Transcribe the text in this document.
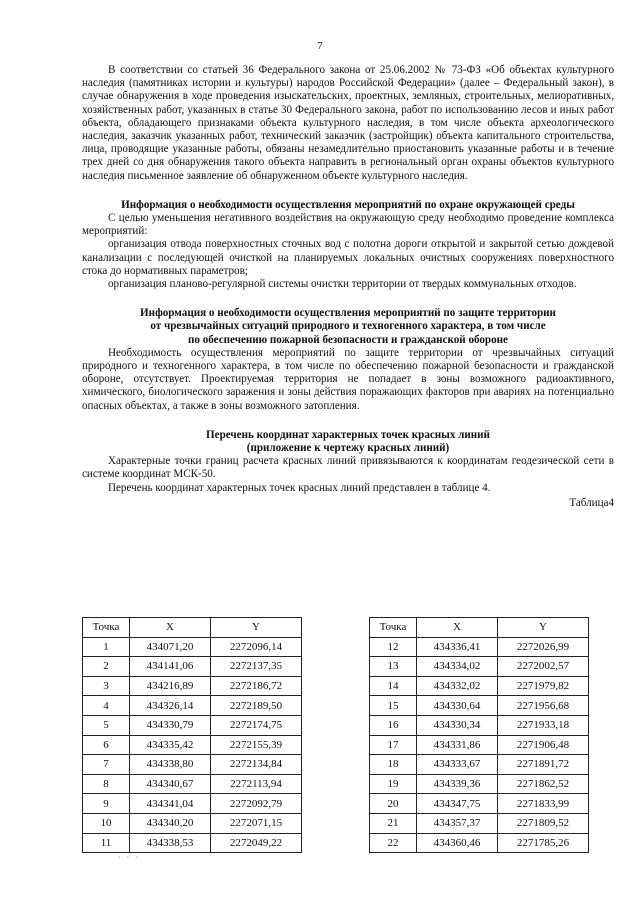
7

В соответствии со статьей 36 Федерального закона от 25.06.2002 № 73-ФЗ «Об объектах культурного наследия (памятниках истории и культуры) народов Российской Федерации» (далее – Федеральный закон), в случае обнаружения в ходе проведения изыскательских, проектных, земляных, строительных, мелиоративных, хозяйственных работ, указанных в статье 30 Федерального закона, работ по использованию лесов и иных работ объекта, обладающего признаками объекта культурного наследия, в том числе объекта археологического наследия, заказчик указанных работ, технический заказчик (застройщик) объекта капитального строительства, лица, проводящие указанные работы, обязаны незамедлительно приостановить указанные работы и в течение трех дней со дня обнаружения такого объекта направить в региональный орган охраны объектов культурного наследия письменное заявление об обнаруженном объекте культурного наследия.

Информация о необходимости осуществления мероприятий по охране окружающей среды

С целью уменьшения негативного воздействия на окружающую среду необходимо проведение комплекса мероприятий:

организация отвода поверхностных сточных вод с полотна дороги открытой и закрытой сетью дождевой канализации с последующей очисткой на планируемых локальных очистных сооружениях поверхностного стока до нормативных параметров;

организация планово-регулярной системы очистки территории от твердых коммунальных отходов.

Информация о необходимости осуществления мероприятий по защите территории

от чрезвычайных ситуаций природного и техногенного характера, в том числе

по обеспечению пожарной безопасности и гражданской обороне

Необходимость осуществления мероприятий по защите территории от чрезвычайных ситуаций природного и техногенного характера, в том числе по обеспечению пожарной безопасности и гражданской обороне, отсутствует. Проектируемая территория не попадает в зоны возможного радиоактивного, химического, биологического заражения и зоны действия поражающих факторов при авариях на потенциально опасных объектах, а также в зоны возможного затопления.

Перечень координат характерных точек красных линий

(приложение к чертежу красных линий)

Характерные точки границ расчета красных линий привязываются к координатам геодезической сети в системе координат МСК-50.

Перечень координат характерных точек красных линий представлен в таблице 4.

Таблица4

Точка	X	Y
1	434071,20	2272096,14
2	434141,06	2272137,35
3	434216,89	2272186,72
4	434326,14	2272189,50
5	434330,79	2272174,75
6	434335,42	2272155,39
7	434338,80	2272134,84
8	434340,67	2272113,94
9	434341,04	2272092,79
10	434340,20	2272071,15
11	434338,53	2272049,22
Точка	X	Y
12	434336,41	2272026,99
13	434334,02	2272002,57
14	434332,02	2271979,82
15	434330,64	2271956,68
16	434330,34	2271933,18
17	434331,86	2271906,48
18	434333,67	2271891,72
19	434339,36	2271862,52
20	434347,75	2271833,99
21	434357,37	2271809,52
22	434360,46	2271785,26
· · ·
